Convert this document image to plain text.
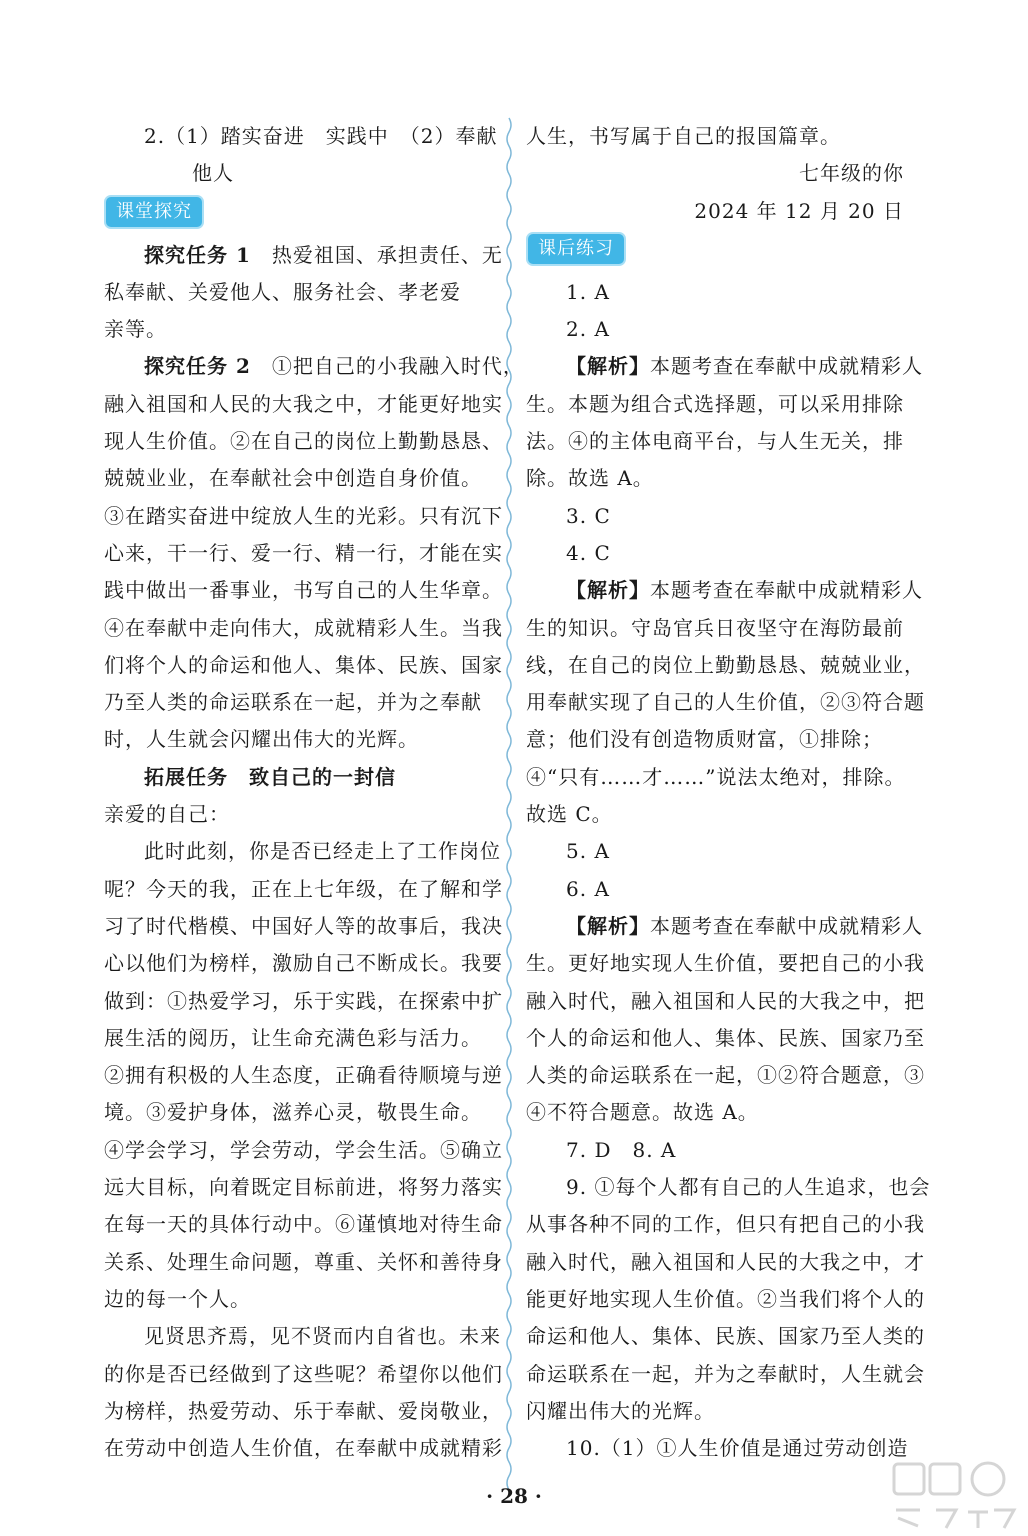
2.（1）踏实奋进　实践中　（2）奉献
他人
课堂探究
探究任务 1　热爱祖国、承担责任、无
私奉献、关爱他人、服务社会、孝老爱
亲等。
探究任务 2　①把自己的小我融入时代，
融入祖国和人民的大我之中，才能更好地实
现人生价值。②在自己的岗位上勤勤恳恳、
兢兢业业，在奉献社会中创造自身价值。
③在踏实奋进中绽放人生的光彩。只有沉下
心来，干一行、爱一行、精一行，才能在实
践中做出一番事业，书写自己的人生华章。
④在奉献中走向伟大，成就精彩人生。当我
们将个人的命运和他人、集体、民族、国家
乃至人类的命运联系在一起，并为之奉献
时，人生就会闪耀出伟大的光辉。
拓展任务　致自己的一封信
亲爱的自己：
此时此刻，你是否已经走上了工作岗位
呢？今天的我，正在上七年级，在了解和学
习了时代楷模、中国好人等的故事后，我决
心以他们为榜样，激励自己不断成长。我要
做到：①热爱学习，乐于实践，在探索中扩
展生活的阅历，让生命充满色彩与活力。
②拥有积极的人生态度，正确看待顺境与逆
境。③爱护身体，滋养心灵，敬畏生命。
④学会学习，学会劳动，学会生活。⑤确立
远大目标，向着既定目标前进，将努力落实
在每一天的具体行动中。⑥谨慎地对待生命
关系、处理生命问题，尊重、关怀和善待身
边的每一个人。
见贤思齐焉，见不贤而内自省也。未来
的你是否已经做到了这些呢？希望你以他们
为榜样，热爱劳动、乐于奉献、爱岗敬业，
在劳动中创造人生价值，在奉献中成就精彩
人生，书写属于自己的报国篇章。
七年级的你
2024 年 12 月 20 日
课后练习
1. A
2. A
【解析】本题考查在奉献中成就精彩人
生。本题为组合式选择题，可以采用排除
法。④的主体电商平台，与人生无关，排
除。故选 A。
3. C
4. C
【解析】本题考查在奉献中成就精彩人
生的知识。守岛官兵日夜坚守在海防最前
线，在自己的岗位上勤勤恳恳、兢兢业业，
用奉献实现了自己的人生价值，②③符合题
意；他们没有创造物质财富，①排除；
④“只有……才……”说法太绝对，排除。
故选 C。
5. A
6. A
【解析】本题考查在奉献中成就精彩人
生。更好地实现人生价值，要把自己的小我
融入时代，融入祖国和人民的大我之中，把
个人的命运和他人、集体、民族、国家乃至
人类的命运联系在一起，①②符合题意，③
④不符合题意。故选 A。
7. D　8. A
9. ①每个人都有自己的人生追求，也会
从事各种不同的工作，但只有把自己的小我
融入时代，融入祖国和人民的大我之中，才
能更好地实现人生价值。②当我们将个人的
命运和他人、集体、民族、国家乃至人类的
命运联系在一起，并为之奉献时，人生就会
闪耀出伟大的光辉。
10.（1）①人生价值是通过劳动创造
· 28 ·
